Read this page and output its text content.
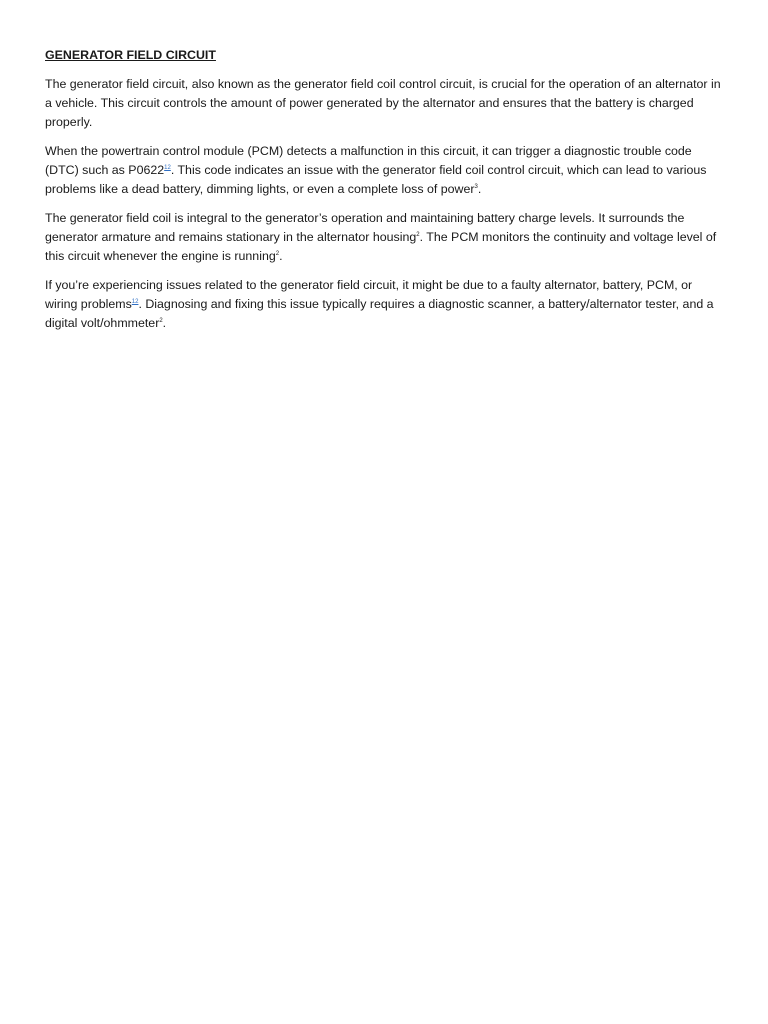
GENERATOR FIELD CIRCUIT

The generator field circuit, also known as the generator field coil control circuit, is crucial for the operation of an alternator in a vehicle. This circuit controls the amount of power generated by the alternator and ensures that the battery is charged properly.

When the powertrain control module (PCM) detects a malfunction in this circuit, it can trigger a diagnostic trouble code (DTC) such as P0622$^{12}$. This code indicates an issue with the generator field coil control circuit, which can lead to various problems like a dead battery, dimming lights, or even a complete loss of power$^3$.

The generator field coil is integral to the generator’s operation and maintaining battery charge levels. It surrounds the generator armature and remains stationary in the alternator housing$^2$. The PCM monitors the continuity and voltage level of this circuit whenever the engine is running$^2$.

If you’re experiencing issues related to the generator field circuit, it might be due to a faulty alternator, battery, PCM, or wiring problems$^{12}$. Diagnosing and fixing this issue typically requires a diagnostic scanner, a battery/alternator tester, and a digital volt/ohmmeter$^2$.
